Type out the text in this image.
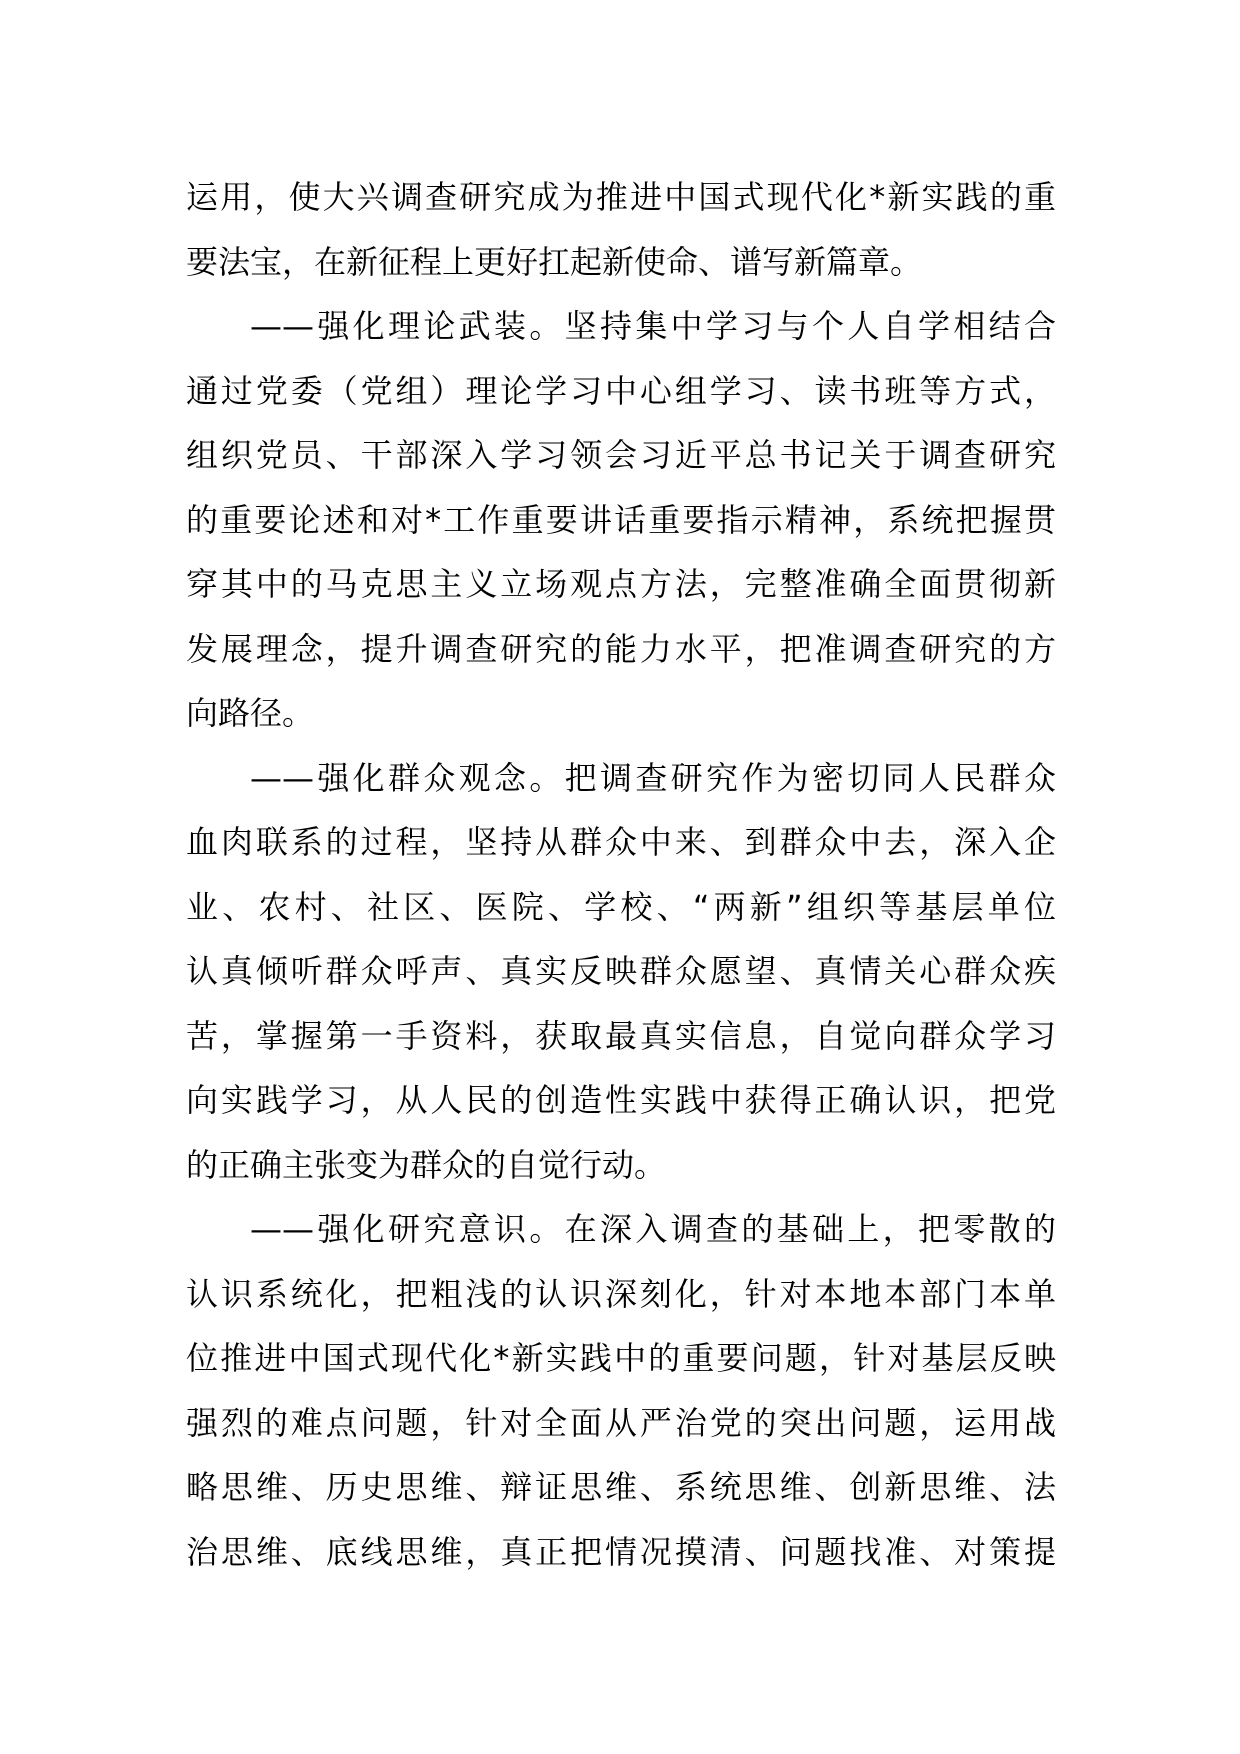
运用，使大兴调查研究成为推进中国式现代化*新实践的重
要法宝，在新征程上更好扛起新使命、谱写新篇章。
——强化理论武装。坚持集中学习与个人自学相结合
通过党委（党组）理论学习中心组学习、读书班等方式，
组织党员、干部深入学习领会习近平总书记关于调查研究
的重要论述和对*工作重要讲话重要指示精神，系统把握贯
穿其中的马克思主义立场观点方法，完整准确全面贯彻新
发展理念，提升调查研究的能力水平，把准调查研究的方
向路径。
——强化群众观念。把调查研究作为密切同人民群众
血肉联系的过程，坚持从群众中来、到群众中去，深入企
业、农村、社区、医院、学校、“两新”组织等基层单位
认真倾听群众呼声、真实反映群众愿望、真情关心群众疾
苦，掌握第一手资料，获取最真实信息，自觉向群众学习
向实践学习，从人民的创造性实践中获得正确认识，把党
的正确主张变为群众的自觉行动。
——强化研究意识。在深入调查的基础上，把零散的
认识系统化，把粗浅的认识深刻化，针对本地本部门本单
位推进中国式现代化*新实践中的重要问题，针对基层反映
强烈的难点问题，针对全面从严治党的突出问题，运用战
略思维、历史思维、辩证思维、系统思维、创新思维、法
治思维、底线思维，真正把情况摸清、问题找准、对策提
